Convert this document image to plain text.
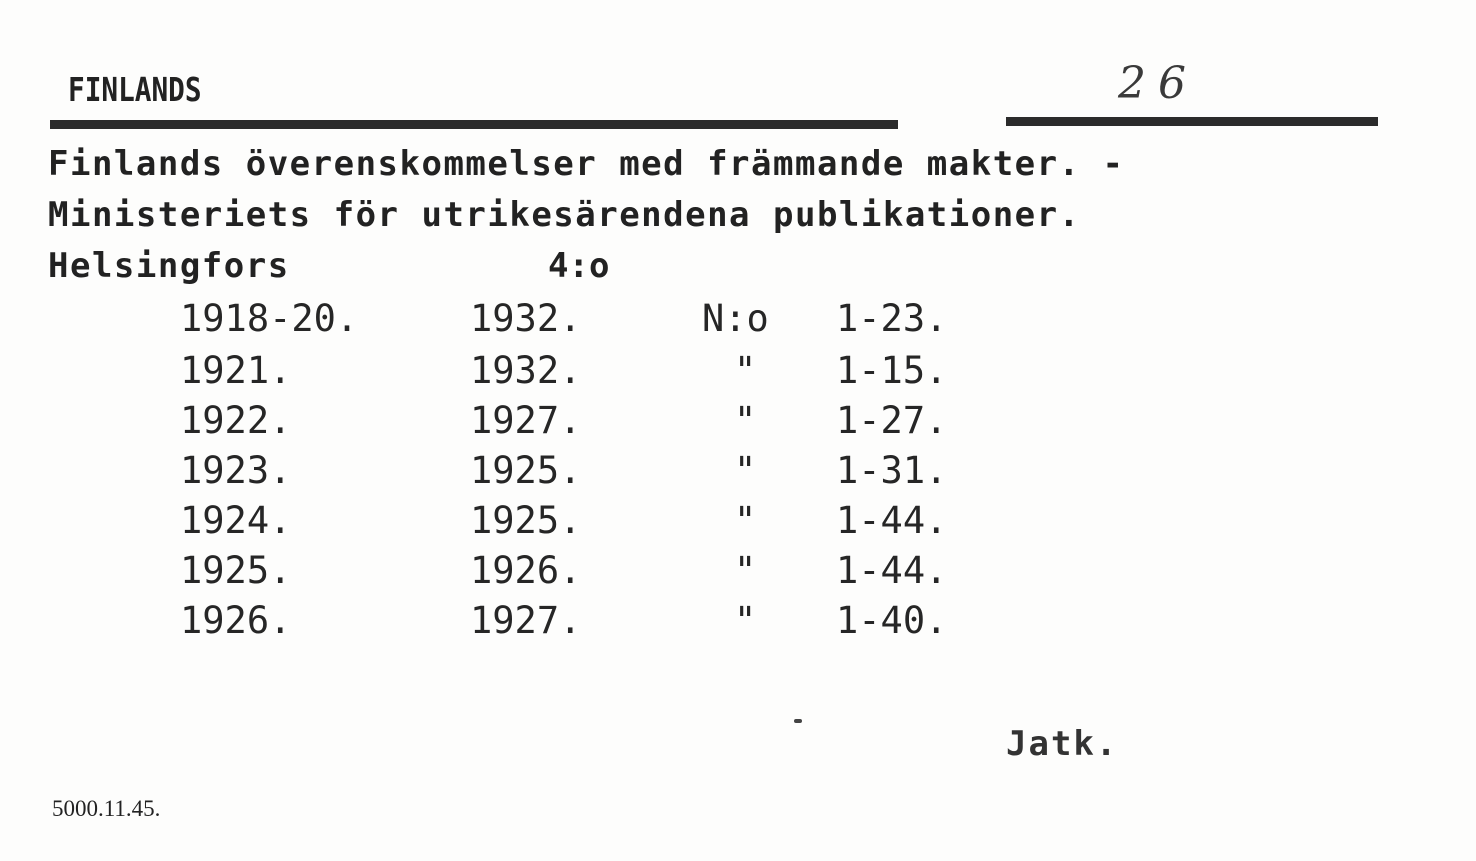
FINLANDS	26
Finlands överenskommelser med främmande makter. -
Ministeriets för utrikesärendena publikationer.
Helsingfors	4:o
1918-20.	1932.	N:o 1-23.
1921.	1932.	" 1-15.
1922.	1927.	" 1-27.
1923.	1925.	" 1-31.
1924.	1925.	" 1-44.
1925.	1926.	" 1-44.
1926.	1927.	" 1-40.
Jatk.
5000.11.45.
